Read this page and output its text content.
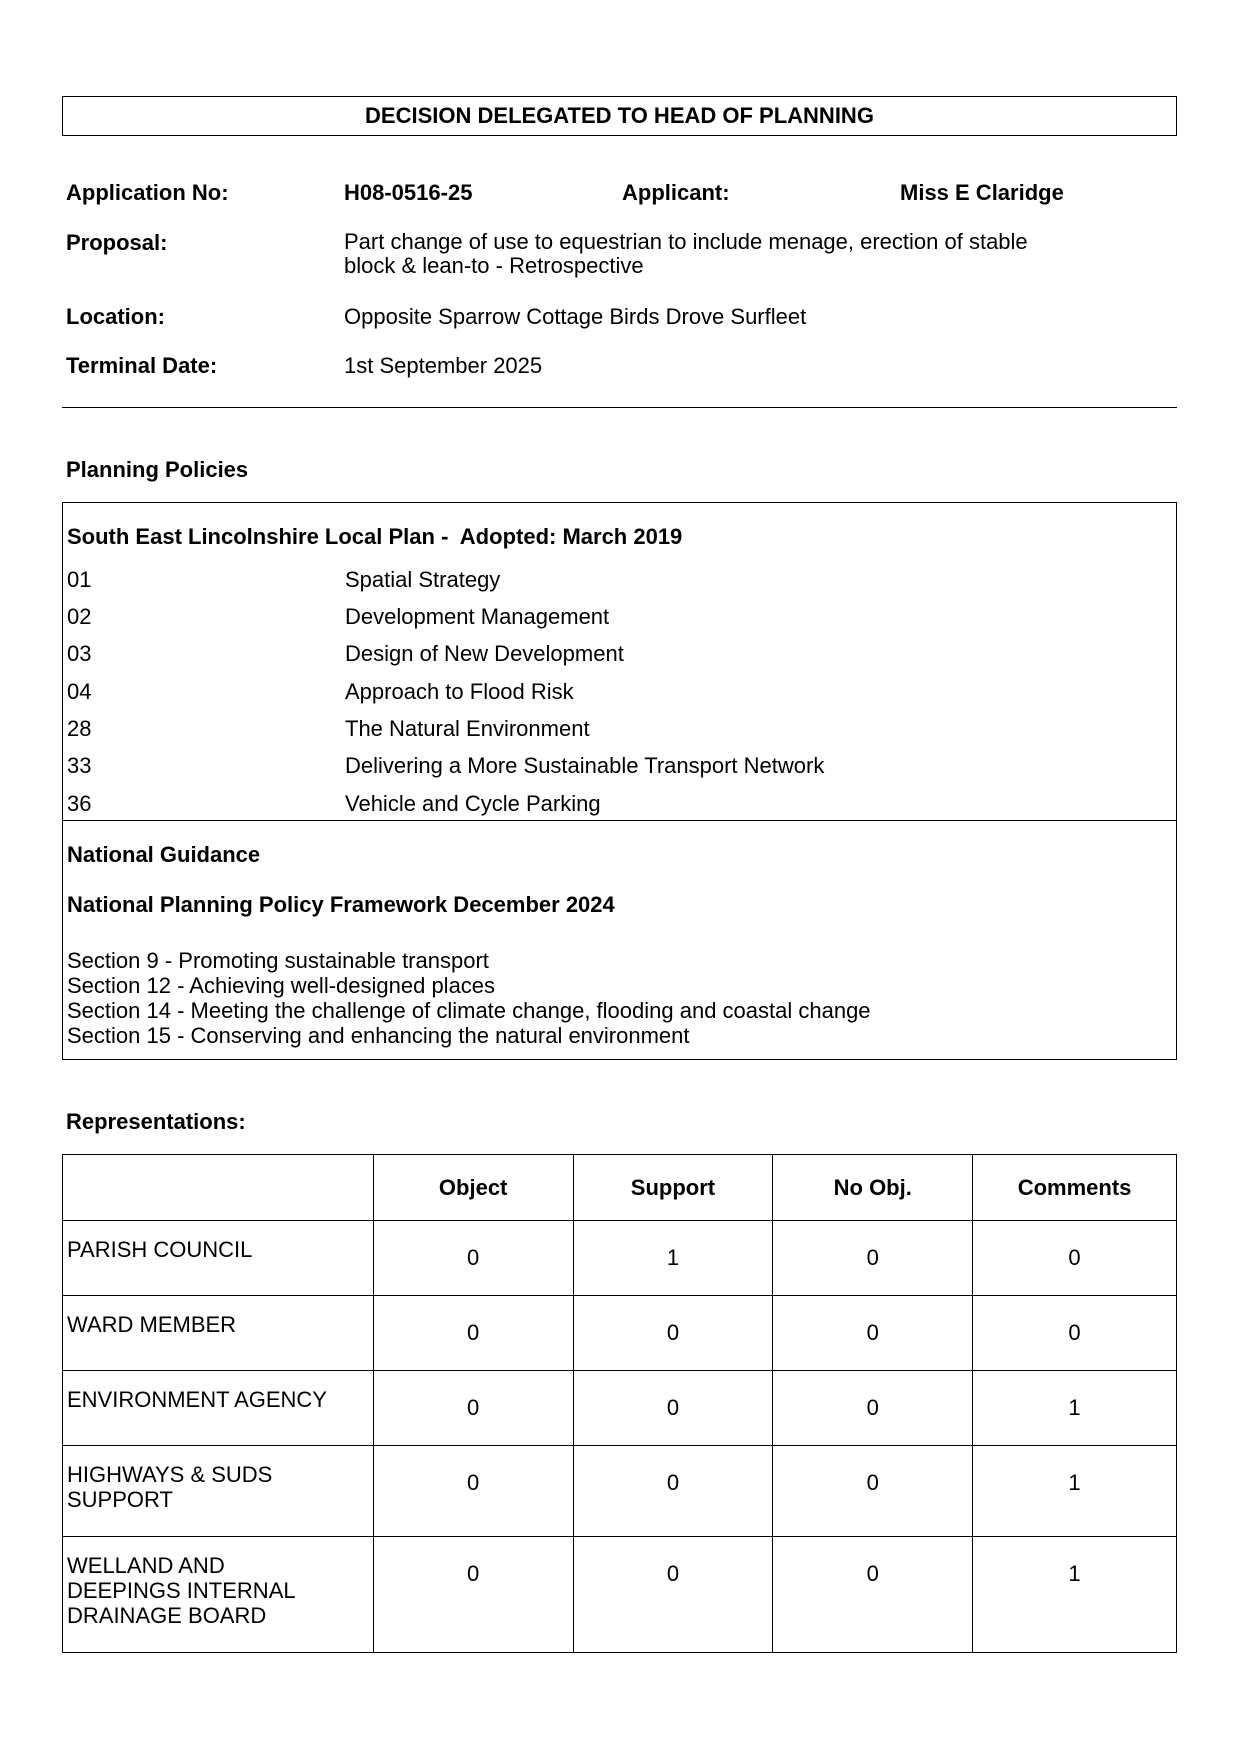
DECISION DELEGATED TO HEAD OF PLANNING
Application No:	H08-0516-25	Applicant:	Miss E Claridge
Proposal:	Part change of use to equestrian to include menage, erection of stable
block & lean-to - Retrospective
Location:	Opposite Sparrow Cottage Birds Drove Surfleet
Terminal Date:	1st September 2025
Planning Policies
South East Lincolnshire Local Plan -  Adopted: March 2019
01	Spatial Strategy
02	Development Management
03	Design of New Development
04	Approach to Flood Risk
28	The Natural Environment
33	Delivering a More Sustainable Transport Network
36	Vehicle and Cycle Parking
National Guidance
National Planning Policy Framework December 2024
Section 9 - Promoting sustainable transport
Section 12 - Achieving well-designed places
Section 14 - Meeting the challenge of climate change, flooding and coastal change
Section 15 - Conserving and enhancing the natural environment
Representations:
	Object	Support	No Obj.	Comments

PARISH COUNCIL	0	1	0	0

WARD MEMBER	0	0	0	0

ENVIRONMENT AGENCY	0	0	0	1

HIGHWAYS & SUDS
SUPPORT	0	0	0	1

WELLAND AND
DEEPINGS INTERNAL
DRAINAGE BOARD	0	0	0	1
